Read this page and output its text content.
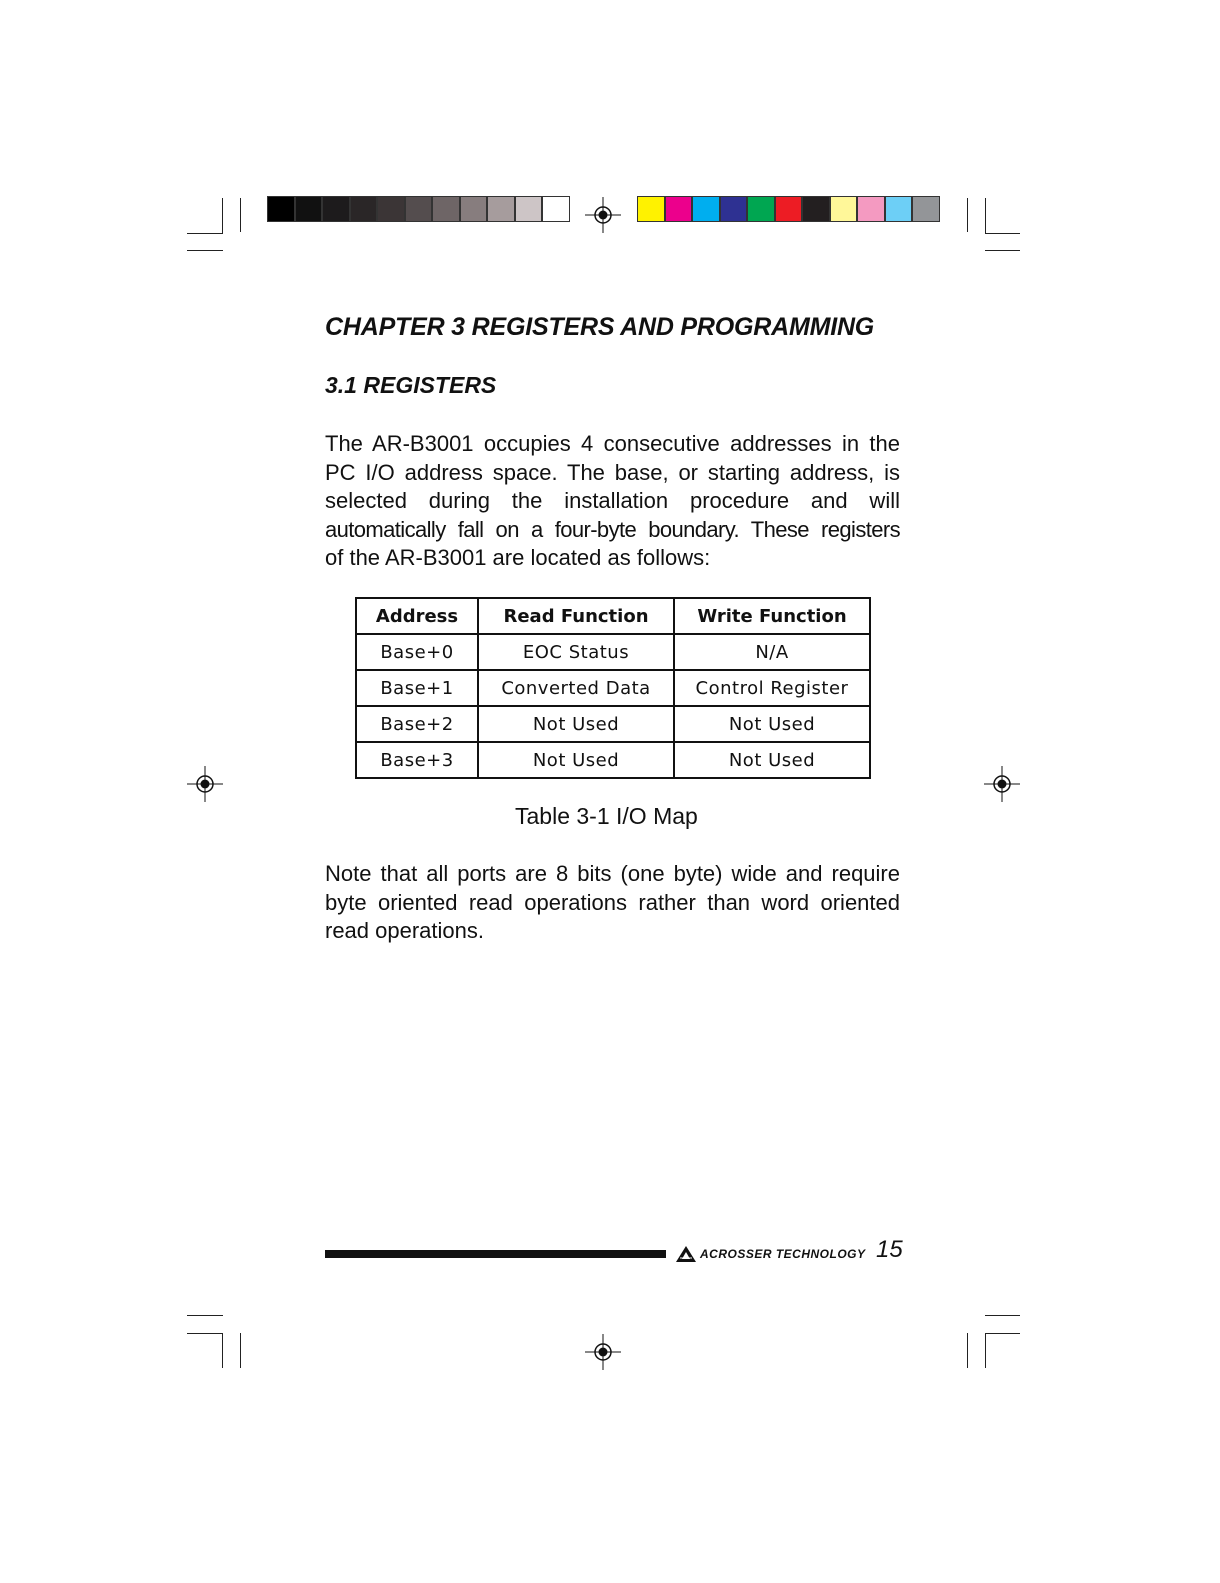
CHAPTER 3 REGISTERS AND PROGRAMMING
3.1 REGISTERS
The AR-B3001 occupies 4 consecutive addresses in the
PC I/O address space. The base, or starting address, is
selected during the installation procedure and will
automatically fall on a four-byte boundary. These registers
of the AR-B3001 are located as follows:
Address	Read Function	Write Function
Base+0	EOC Status	N/A
Base+1	Converted Data	Control Register
Base+2	Not Used	Not Used
Base+3	Not Used	Not Used
Table 3-1 I/O Map
Note that all ports are 8 bits (one byte) wide and require
byte oriented read operations rather than word oriented
read operations.
ACROSSER TECHNOLOGY 15
